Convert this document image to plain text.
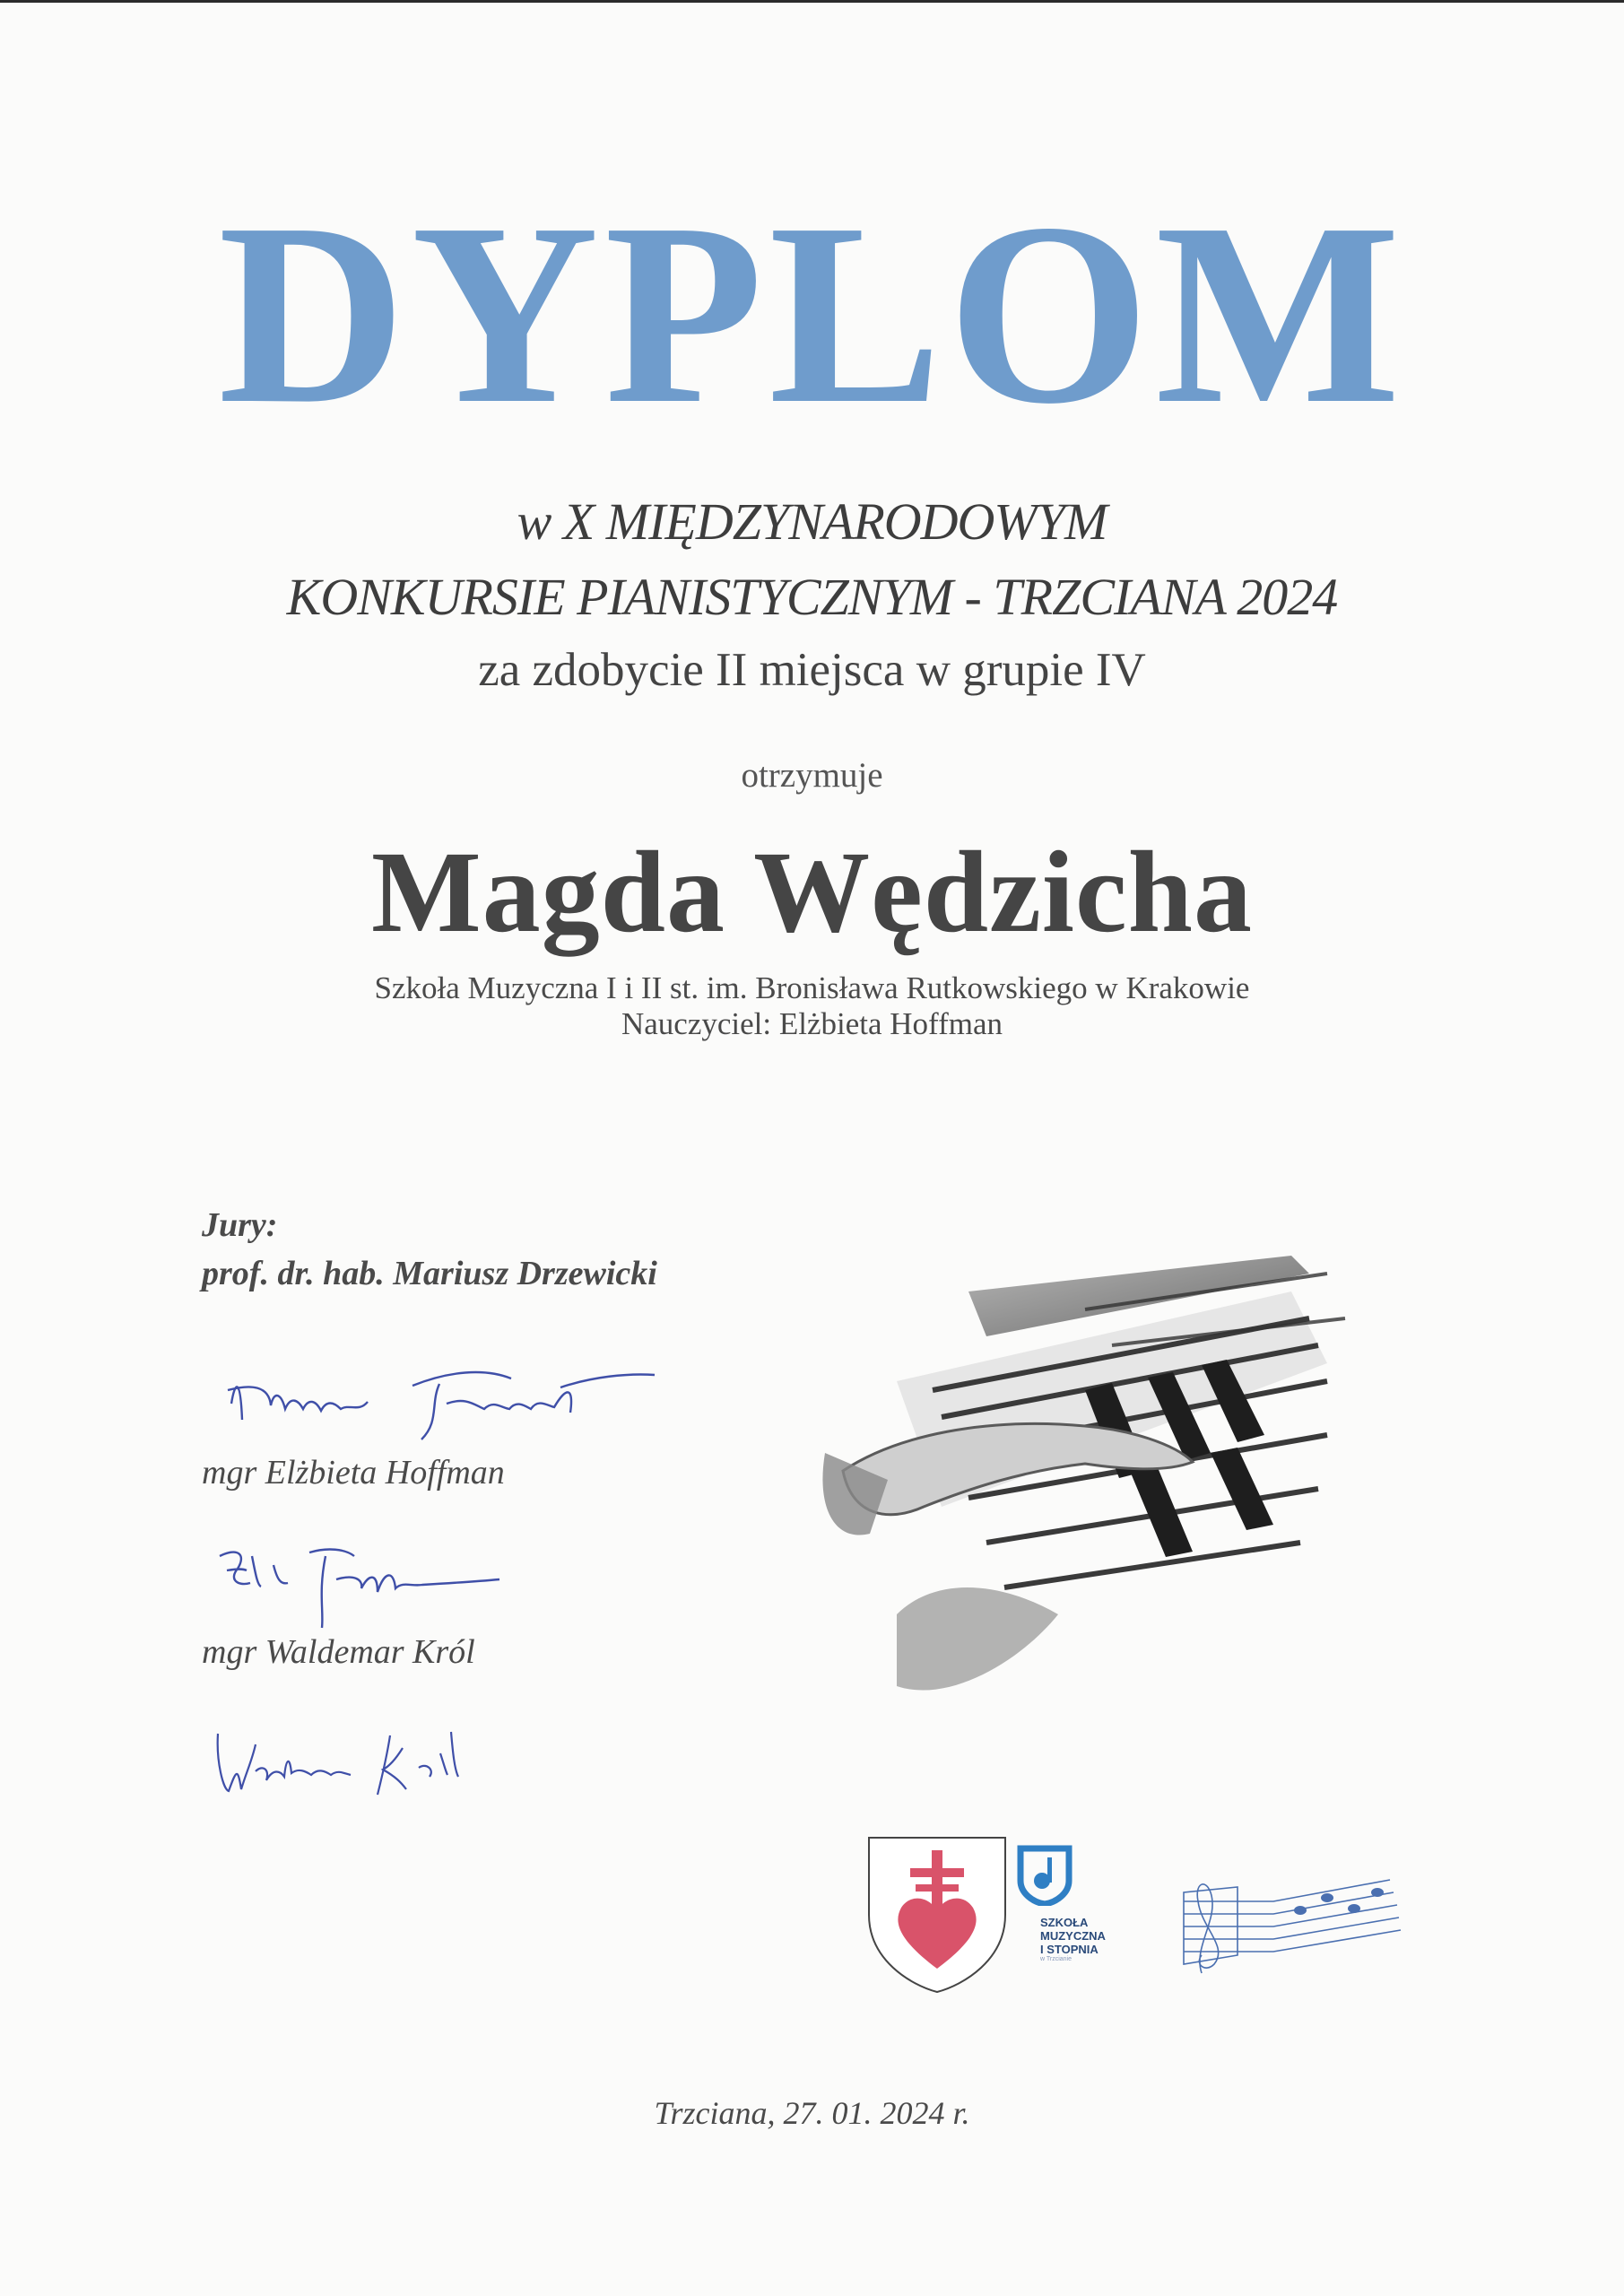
DYPLOM
w X MIĘDZYNARODOWYM
KONKURSIE PIANISTYCZNYM - TRZCIANA 2024
za zdobycie II miejsca w grupie IV
otrzymuje
Magda Wędzicha
Szkoła Muzyczna I i II st. im. Bronisława Rutkowskiego w Krakowie
Nauczyciel: Elżbieta Hoffman
Jury:
prof. dr. hab. Mariusz Drzewicki
mgr Elżbieta Hoffman
mgr Waldemar Król
SZKOŁA
MUZYCZNA
I STOPNIA
w Trzcianie
Trzciana, 27. 01. 2024 r.
